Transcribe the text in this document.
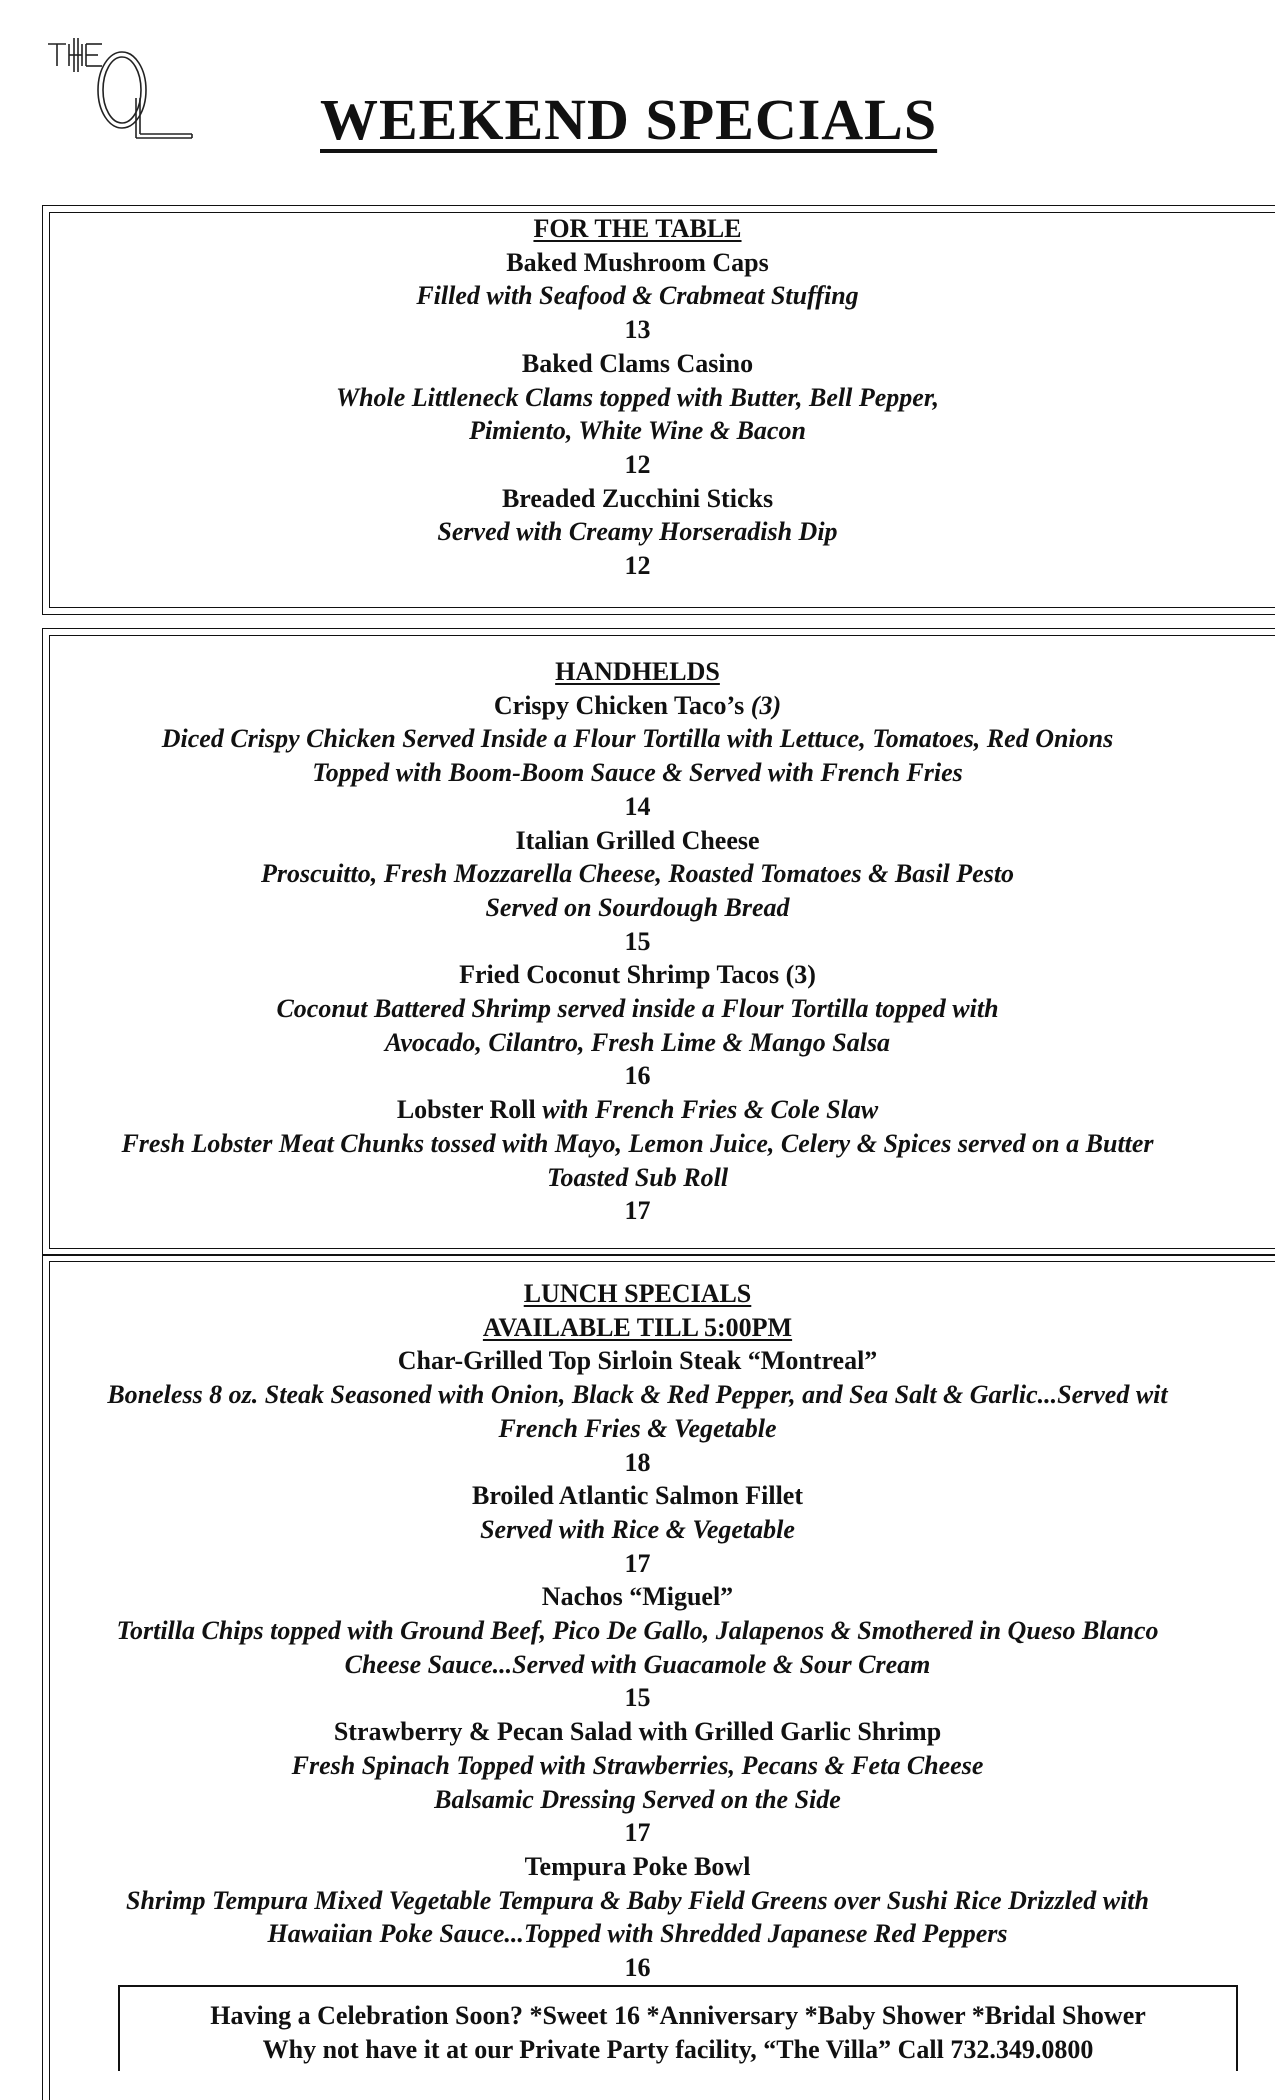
WEEKEND SPECIALS
FOR THE TABLE
Baked Mushroom Caps
Filled with Seafood & Crabmeat Stuffing
13
Baked Clams Casino
Whole Littleneck Clams topped with Butter, Bell Pepper,
Pimiento, White Wine & Bacon
12
Breaded Zucchini Sticks
Served with Creamy Horseradish Dip
12
HANDHELDS
Crispy Chicken Taco’s (3)
Diced Crispy Chicken Served Inside a Flour Tortilla with Lettuce, Tomatoes, Red Onions
Topped with Boom-Boom Sauce & Served with French Fries
14
Italian Grilled Cheese
Proscuitto, Fresh Mozzarella Cheese, Roasted Tomatoes & Basil Pesto
Served on Sourdough Bread
15
Fried Coconut Shrimp Tacos (3)
Coconut Battered Shrimp served inside a Flour Tortilla topped with
Avocado, Cilantro, Fresh Lime & Mango Salsa
16
Lobster Roll with French Fries & Cole Slaw
Fresh Lobster Meat Chunks tossed with Mayo, Lemon Juice, Celery & Spices served on a Butter
Toasted Sub Roll
17
LUNCH SPECIALS
AVAILABLE TILL 5:00PM
Char-Grilled Top Sirloin Steak “Montreal”
Boneless 8 oz. Steak Seasoned with Onion, Black & Red Pepper, and Sea Salt & Garlic...Served wit
French Fries & Vegetable
18
Broiled Atlantic Salmon Fillet
Served with Rice & Vegetable
17
Nachos “Miguel”
Tortilla Chips topped with Ground Beef, Pico De Gallo, Jalapenos & Smothered in Queso Blanco
Cheese Sauce...Served with Guacamole & Sour Cream
15
Strawberry & Pecan Salad with Grilled Garlic Shrimp
Fresh Spinach Topped with Strawberries, Pecans & Feta Cheese
Balsamic Dressing Served on the Side
17
Tempura Poke Bowl
Shrimp Tempura Mixed Vegetable Tempura & Baby Field Greens over Sushi Rice Drizzled with
Hawaiian Poke Sauce...Topped with Shredded Japanese Red Peppers
16
Having a Celebration Soon? *Sweet 16 *Anniversary *Baby Shower *Bridal Shower
Why not have it at our Private Party facility, “The Villa” Call 732.349.0800
